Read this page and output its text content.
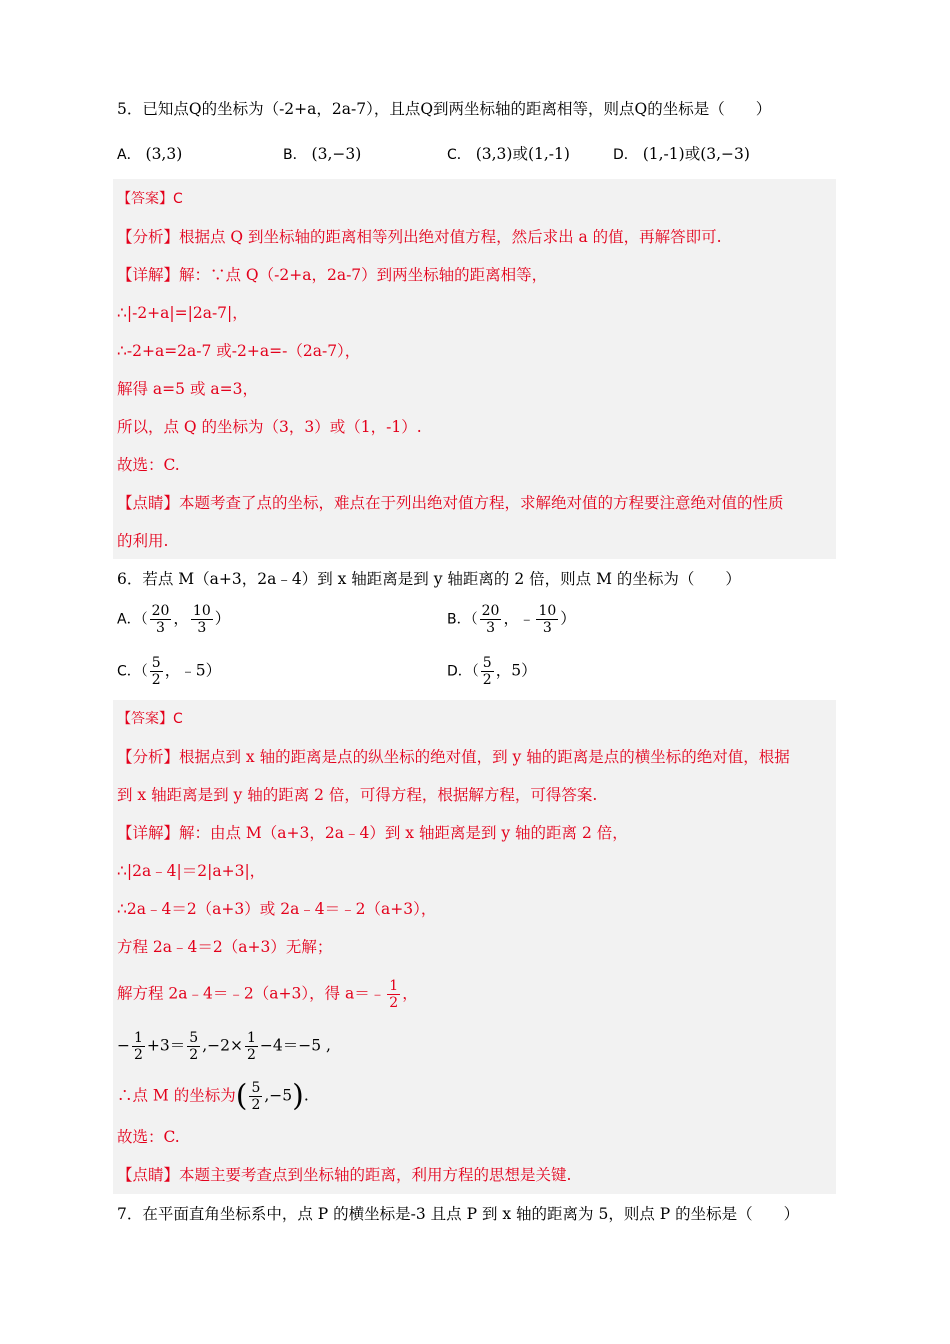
5．已知点Q的坐标为（-2+a，2a-7），且点Q到两坐标轴的距离相等，则点Q的坐标是（　　）
A． (3,3)	B． (3,−3)	C． (3,3)或(1,-1)	D． (1,-1)或(3,−3)
【答案】C
【分析】根据点 Q 到坐标轴的距离相等列出绝对值方程，然后求出 a 的值，再解答即可.
【详解】解：∵点 Q（-2+a，2a-7）到两坐标轴的距离相等，
∴|-2+a|=|2a-7|，
∴-2+a=2a-7 或-2+a=-（2a-7），
解得 a=5 或 a=3，
所以，点 Q 的坐标为（3，3）或（1，-1）.
故选：C.
【点睛】本题考查了点的坐标，难点在于列出绝对值方程，求解绝对值的方程要注意绝对值的性质
的利用.
6．若点 M（a+3，2a﹣4）到 x 轴距离是到 y 轴距离的 2 倍，则点 M 的坐标为（　　）
A．（ $\frac{20}{3}$ ， $\frac{10}{3}$ ）	B．（ $\frac{20}{3}$ ，﹣ $\frac{10}{3}$ ）
C．（ $\frac{5}{2}$ ，﹣5）	D．（ $\frac{5}{2}$ ，5）
【答案】C
【分析】根据点到 x 轴的距离是点的纵坐标的绝对值，到 y 轴的距离是点的横坐标的绝对值，根据
到 x 轴距离是到 y 轴的距离 2 倍，可得方程，根据解方程，可得答案.
【详解】解：由点 M（a+3，2a﹣4）到 x 轴距离是到 y 轴的距离 2 倍，
∴|2a﹣4|＝2|a+3|，
∴2a﹣4＝2（a+3）或 2a﹣4＝﹣2（a+3），
方程 2a﹣4＝2（a+3）无解；
解方程 2a﹣4＝﹣2（a+3），得 a＝﹣ $\frac{1}{2}$ ，
− $\frac{1}{2} +3= \frac{5}{2} ,-2\times \frac{1}{2} -4=-5$ ,
∴点 M 的坐标为( $\frac{5}{2} ,-5$).
故选：C.
【点睛】本题主要考查点到坐标轴的距离，利用方程的思想是关键.
7．在平面直角坐标系中，点 P 的横坐标是-3 且点 P 到 x 轴的距离为 5，则点 P 的坐标是（　　）
